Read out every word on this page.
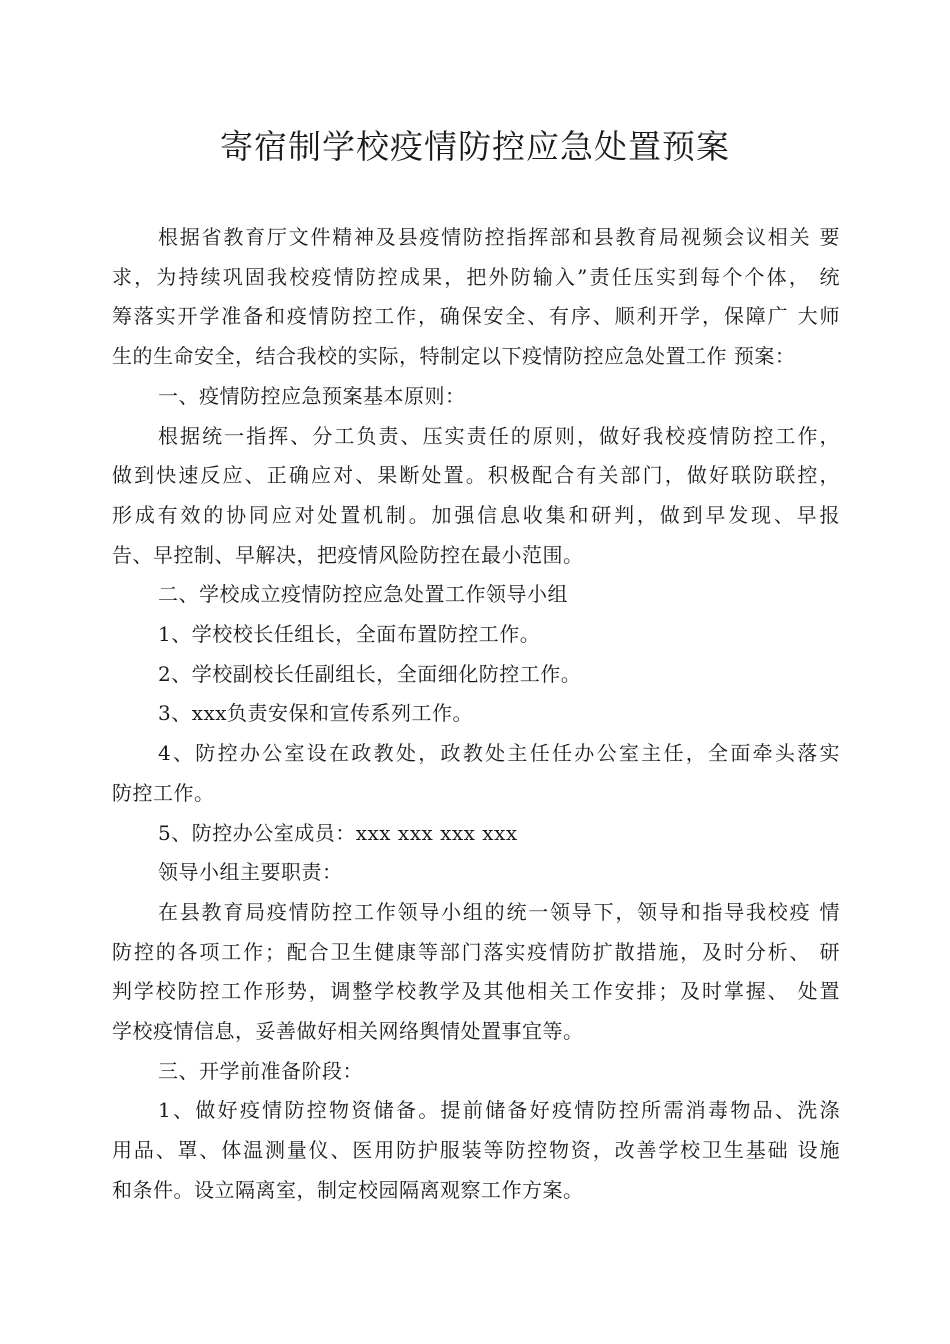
寄宿制学校疫情防控应急处置预案
根据省教育厅文件精神及县疫情防控指挥部和县教育局视频会议相关 要
求，为持续巩固我校疫情防控成果，把外防输入”责任压实到每个个体， 统
筹落实开学准备和疫情防控工作，确保安全、有序、顺利开学，保障广 大师
生的生命安全，结合我校的实际，特制定以下疫情防控应急处置工作 预案：
一、疫情防控应急预案基本原则：
根据统一指挥、分工负责、压实责任的原则，做好我校疫情防控工作，
做到快速反应、正确应对、果断处置。积极配合有关部门，做好联防联控，
形成有效的协同应对处置机制。加强信息收集和研判，做到早发现、早报
告、早控制、早解决，把疫情风险防控在最小范围。
二、学校成立疫情防控应急处置工作领导小组
1、学校校长任组长，全面布置防控工作。
2、学校副校长任副组长，全面细化防控工作。
3、xxx负责安保和宣传系列工作。
4、防控办公室设在政教处，政教处主任任办公室主任，全面牵头落实
防控工作。
5、防控办公室成员：xxx xxx xxx xxx
领导小组主要职责：
在县教育局疫情防控工作领导小组的统一领导下，领导和指导我校疫 情
防控的各项工作；配合卫生健康等部门落实疫情防扩散措施，及时分析、 研
判学校防控工作形势，调整学校教学及其他相关工作安排；及时掌握、 处置
学校疫情信息，妥善做好相关网络舆情处置事宜等。
三、开学前准备阶段：
1、做好疫情防控物资储备。提前储备好疫情防控所需消毒物品、洗涤
用品、罩、体温测量仪、医用防护服装等防控物资，改善学校卫生基础 设施
和条件。设立隔离室，制定校园隔离观察工作方案。
